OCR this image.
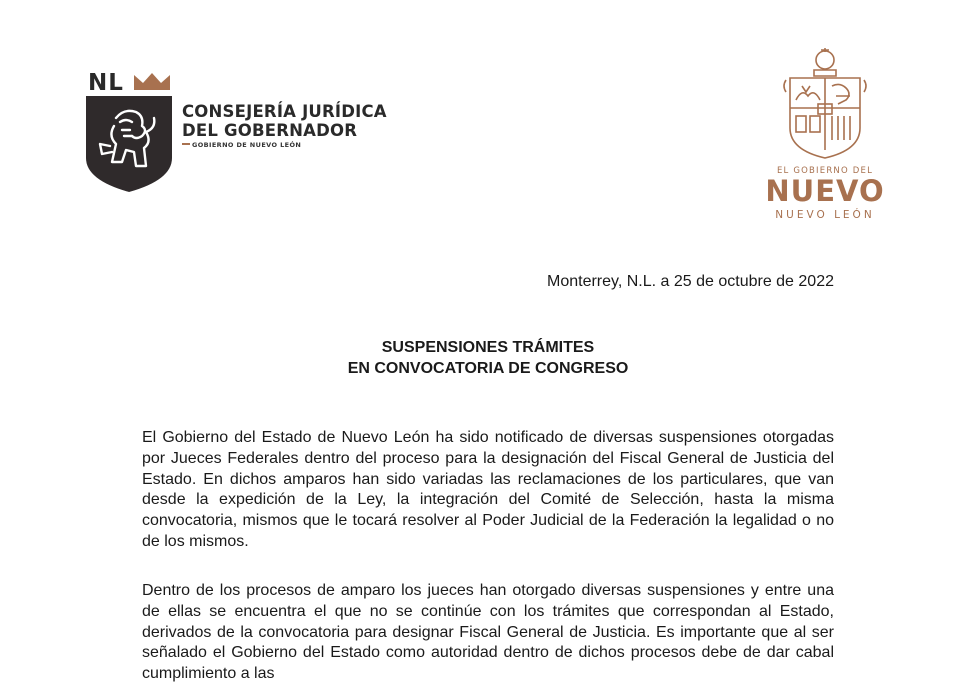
NL
CONSEJERÍA JURÍDICA
DEL GOBERNADOR
GOBIERNO DE NUEVO LEÓN
EL GOBIERNO DEL
NUEVO
NUEVO LEÓN
Monterrey, N.L. a 25 de octubre de 2022
SUSPENSIONES TRÁMITES
EN CONVOCATORIA DE CONGRESO

El Gobierno del Estado de Nuevo León ha sido notificado de diversas suspensiones otorgadas por Jueces Federales dentro del proceso para la designación del Fiscal General de Justicia del Estado. En dichos amparos han sido variadas las reclamaciones de los particulares, que van desde la expedición de la Ley, la integración del Comité de Selección, hasta la misma convocatoria, mismos que le tocará resolver al Poder Judicial de la Federación la legalidad o no de los mismos.

Dentro de los procesos de amparo los jueces han otorgado diversas suspensiones y entre una de ellas se encuentra el que no se continúe con los trámites que correspondan al Estado, derivados de la convocatoria para designar Fiscal General de Justicia. Es importante que al ser señalado el Gobierno del Estado como autoridad dentro de dichos procesos debe de dar cabal cumplimiento a las
